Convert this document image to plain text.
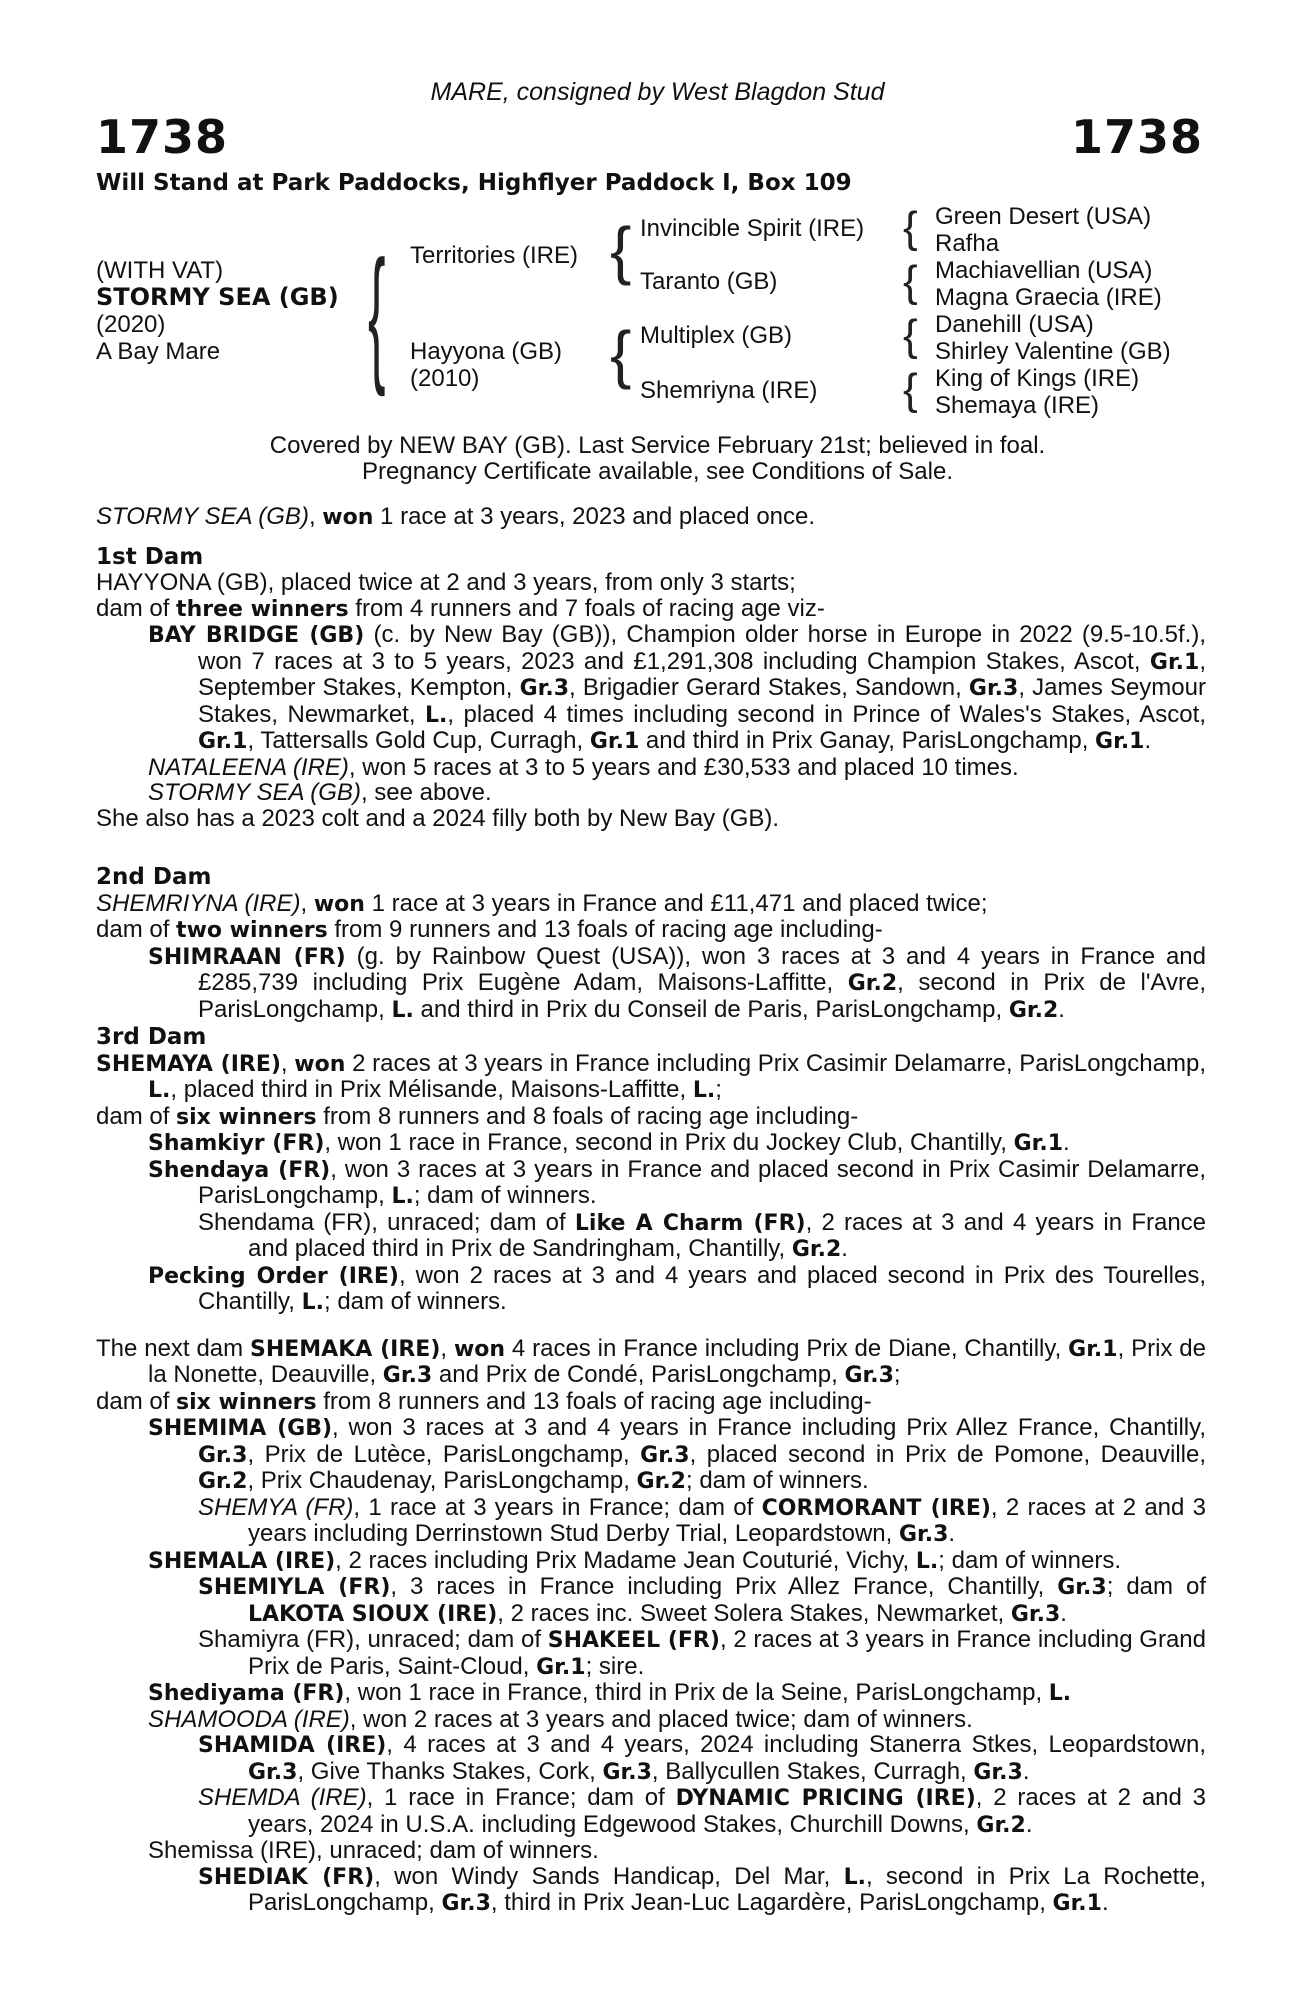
MARE, consigned by West Blagdon Stud
1738	1738
Will Stand at Park Paddocks, Highflyer Paddock I, Box 109
(WITH VAT)
STORMY SEA (GB)
(2020)
A Bay Mare { Territories (IRE)
Hayyona (GB)
(2010)
{
{
Invincible Spirit (IRE)
Taranto (GB)
Multiplex (GB)
Shemriyna (IRE)
{
{
{
{
Green Desert (USA)
Rafha
Machiavellian (USA)
Magna Graecia (IRE)
Danehill (USA)
Shirley Valentine (GB)
King of Kings (IRE)
Shemaya (IRE)
Covered by NEW BAY (GB). Last Service February 21st; believed in foal.
Pregnancy Certificate available, see Conditions of Sale.

STORMY SEA (GB), won 1 race at 3 years, 2023 and placed once.

1st Dam

HAYYONA (GB), placed twice at 2 and 3 years, from only 3 starts;

dam of three winners from 4 runners and 7 foals of racing age viz-

BAY BRIDGE (GB) (c. by New Bay (GB)), Champion older horse in Europe in 2022 (9.5-10.5f.), won 7 races at 3 to 5 years, 2023 and £1,291,308 including Champion Stakes, Ascot, Gr.1, September Stakes, Kempton, Gr.3, Brigadier Gerard Stakes, Sandown, Gr.3, James Seymour Stakes, Newmarket, L., placed 4 times including second in Prince of Wales's Stakes, Ascot, Gr.1, Tattersalls Gold Cup, Curragh, Gr.1 and third in Prix Ganay, ParisLongchamp, Gr.1.

NATALEENA (IRE), won 5 races at 3 to 5 years and £30,533 and placed 10 times.

STORMY SEA (GB), see above.

She also has a 2023 colt and a 2024 filly both by New Bay (GB).

2nd Dam

SHEMRIYNA (IRE), won 1 race at 3 years in France and £11,471 and placed twice;

dam of two winners from 9 runners and 13 foals of racing age including-

SHIMRAAN (FR) (g. by Rainbow Quest (USA)), won 3 races at 3 and 4 years in France and £285,739 including Prix Eugène Adam, Maisons-Laffitte, Gr.2, second in Prix de l'Avre, ParisLongchamp, L. and third in Prix du Conseil de Paris, ParisLongchamp, Gr.2.

3rd Dam

SHEMAYA (IRE), won 2 races at 3 years in France including Prix Casimir Delamarre, ParisLongchamp, L., placed third in Prix Mélisande, Maisons-Laffitte, L.;

dam of six winners from 8 runners and 8 foals of racing age including-

Shamkiyr (FR), won 1 race in France, second in Prix du Jockey Club, Chantilly, Gr.1.

Shendaya (FR), won 3 races at 3 years in France and placed second in Prix Casimir Delamarre, ParisLongchamp, L.; dam of winners.

Shendama (FR), unraced; dam of Like A Charm (FR), 2 races at 3 and 4 years in France and placed third in Prix de Sandringham, Chantilly, Gr.2.

Pecking Order (IRE), won 2 races at 3 and 4 years and placed second in Prix des Tourelles, Chantilly, L.; dam of winners.

The next dam SHEMAKA (IRE), won 4 races in France including Prix de Diane, Chantilly, Gr.1, Prix de la Nonette, Deauville, Gr.3 and Prix de Condé, ParisLongchamp, Gr.3;

dam of six winners from 8 runners and 13 foals of racing age including-

SHEMIMA (GB), won 3 races at 3 and 4 years in France including Prix Allez France, Chantilly, Gr.3, Prix de Lutèce, ParisLongchamp, Gr.3, placed second in Prix de Pomone, Deauville, Gr.2, Prix Chaudenay, ParisLongchamp, Gr.2; dam of winners.

SHEMYA (FR), 1 race at 3 years in France; dam of CORMORANT (IRE), 2 races at 2 and 3 years including Derrinstown Stud Derby Trial, Leopardstown, Gr.3.

SHEMALA (IRE), 2 races including Prix Madame Jean Couturié, Vichy, L.; dam of winners.

SHEMIYLA (FR), 3 races in France including Prix Allez France, Chantilly, Gr.3; dam of LAKOTA SIOUX (IRE), 2 races inc. Sweet Solera Stakes, Newmarket, Gr.3.

Shamiyra (FR), unraced; dam of SHAKEEL (FR), 2 races at 3 years in France including Grand Prix de Paris, Saint-Cloud, Gr.1; sire.

Shediyama (FR), won 1 race in France, third in Prix de la Seine, ParisLongchamp, L.

SHAMOODA (IRE), won 2 races at 3 years and placed twice; dam of winners.

SHAMIDA (IRE), 4 races at 3 and 4 years, 2024 including Stanerra Stkes, Leopardstown, Gr.3, Give Thanks Stakes, Cork, Gr.3, Ballycullen Stakes, Curragh, Gr.3.

SHEMDA (IRE), 1 race in France; dam of DYNAMIC PRICING (IRE), 2 races at 2 and 3 years, 2024 in U.S.A. including Edgewood Stakes, Churchill Downs, Gr.2.

Shemissa (IRE), unraced; dam of winners.

SHEDIAK (FR), won Windy Sands Handicap, Del Mar, L., second in Prix La Rochette, ParisLongchamp, Gr.3, third in Prix Jean-Luc Lagardère, ParisLongchamp, Gr.1.
